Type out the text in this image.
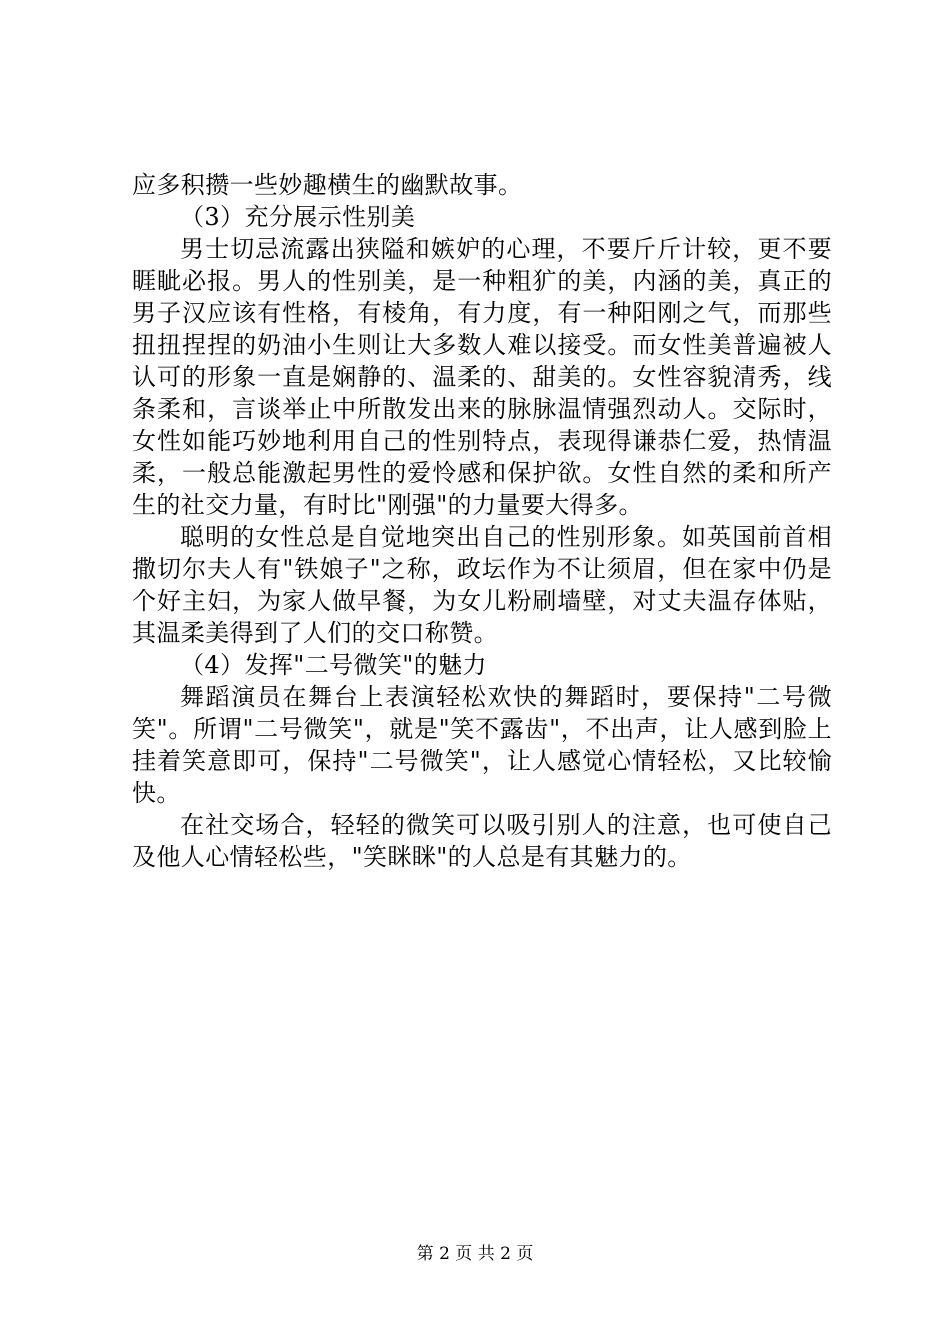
应多积攒一些妙趣横生的幽默故事。

（3）充分展示性别美

男士切忌流露出狭隘和嫉妒的心理，不要斤斤计较，更不要睚眦必报。男人的性别美，是一种粗犷的美，内涵的美，真正的男子汉应该有性格，有棱角，有力度，有一种阳刚之气，而那些扭扭捏捏的奶油小生则让大多数人难以接受。而女性美普遍被人认可的形象一直是娴静的、温柔的、甜美的。女性容貌清秀，线条柔和，言谈举止中所散发出来的脉脉温情强烈动人。交际时，女性如能巧妙地利用自己的性别特点，表现得谦恭仁爱，热情温柔，一般总能激起男性的爱怜感和保护欲。女性自然的柔和所产生的社交力量，有时比"刚强"的力量要大得多。

聪明的女性总是自觉地突出自己的性别形象。如英国前首相撒切尔夫人有"铁娘子"之称，政坛作为不让须眉，但在家中仍是个好主妇，为家人做早餐，为女儿粉刷墙壁，对丈夫温存体贴，其温柔美得到了人们的交口称赞。

（4）发挥"二号微笑"的魅力

舞蹈演员在舞台上表演轻松欢快的舞蹈时，要保持"二号微笑"。所谓"二号微笑"，就是"笑不露齿"，不出声，让人感到脸上挂着笑意即可，保持"二号微笑"，让人感觉心情轻松，又比较愉快。

在社交场合，轻轻的微笑可以吸引别人的注意，也可使自己及他人心情轻松些，"笑眯眯"的人总是有其魅力的。

第 2 页 共 2 页
